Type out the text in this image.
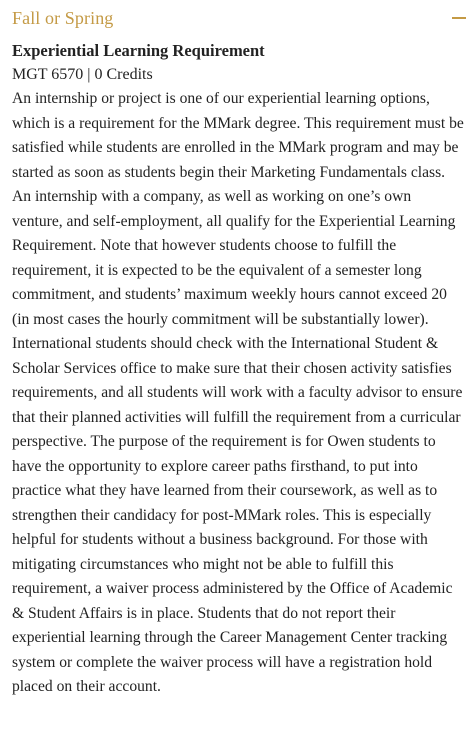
Fall or Spring
Experiential Learning Requirement
MGT 6570 | 0 Credits
An internship or project is one of our experiential learning options, which is a requirement for the MMark degree. This requirement must be satisfied while students are enrolled in the MMark program and may be started as soon as students begin their Marketing Fundamentals class. An internship with a company, as well as working on one’s own venture, and self-employment, all qualify for the Experiential Learning Requirement. Note that however students choose to fulfill the requirement, it is expected to be the equivalent of a semester long commitment, and students’ maximum weekly hours cannot exceed 20 (in most cases the hourly commitment will be substantially lower). International students should check with the International Student & Scholar Services office to make sure that their chosen activity satisfies requirements, and all students will work with a faculty advisor to ensure that their planned activities will fulfill the requirement from a curricular perspective. The purpose of the requirement is for Owen students to have the opportunity to explore career paths firsthand, to put into practice what they have learned from their coursework, as well as to strengthen their candidacy for post-MMark roles. This is especially helpful for students without a business background. For those with mitigating circumstances who might not be able to fulfill this requirement, a waiver process administered by the Office of Academic & Student Affairs is in place. Students that do not report their experiential learning through the Career Management Center tracking system or complete the waiver process will have a registration hold placed on their account.
